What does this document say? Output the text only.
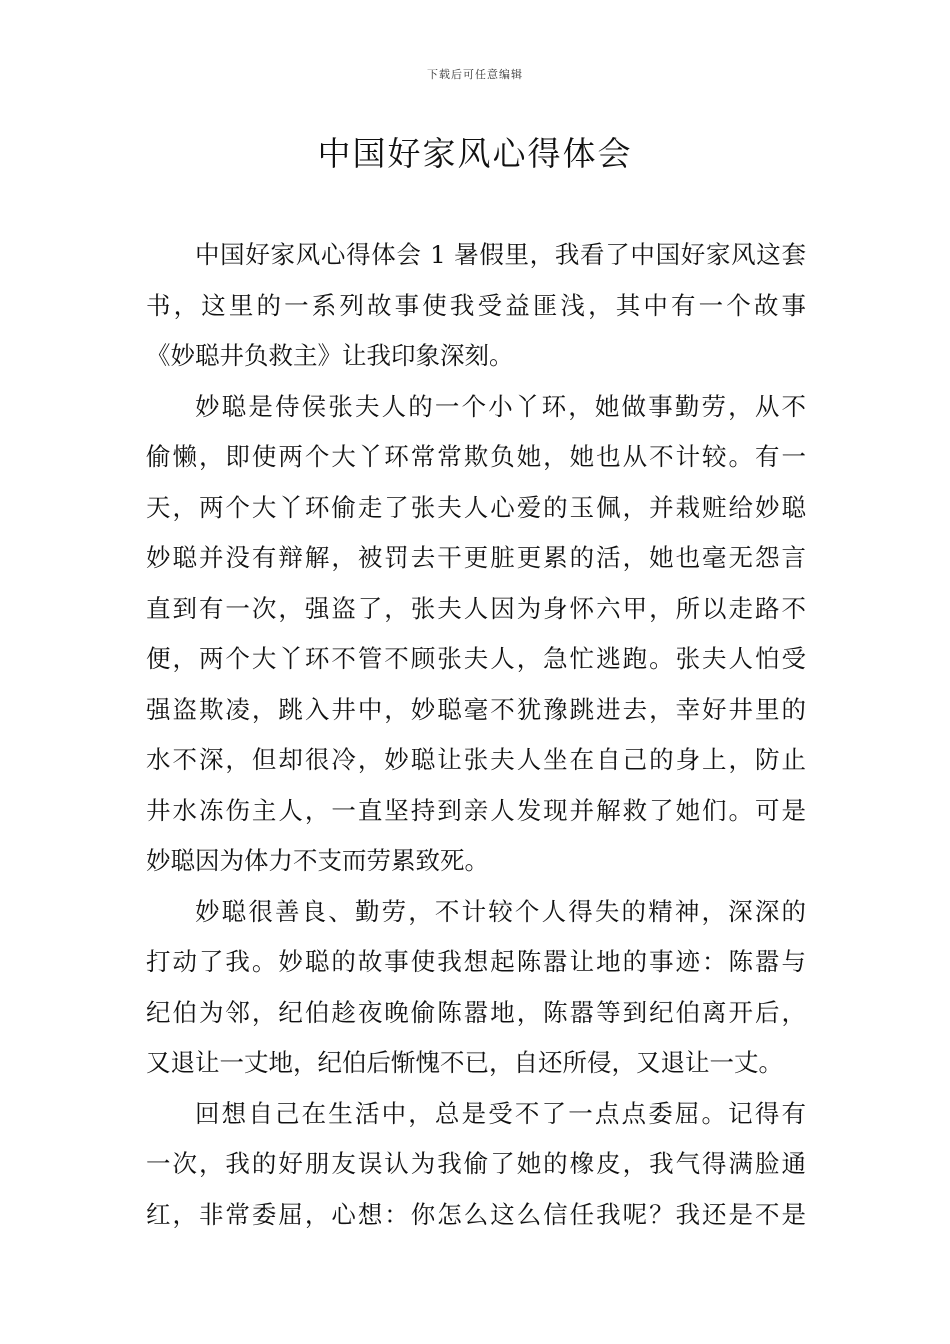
下载后可任意编辑
中国好家风心得体会
中国好家风心得体会 1 暑假里，我看了中国好家风这套
书，这里的一系列故事使我受益匪浅，其中有一个故事
《妙聪井负救主》让我印象深刻。
妙聪是侍侯张夫人的一个小丫环，她做事勤劳，从不
偷懒，即使两个大丫环常常欺负她，她也从不计较。有一
天，两个大丫环偷走了张夫人心爱的玉佩，并栽赃给妙聪
妙聪并没有辩解，被罚去干更脏更累的活，她也毫无怨言
直到有一次，强盗了，张夫人因为身怀六甲，所以走路不
便，两个大丫环不管不顾张夫人，急忙逃跑。张夫人怕受
强盗欺凌，跳入井中，妙聪毫不犹豫跳进去，幸好井里的
水不深，但却很冷，妙聪让张夫人坐在自己的身上，防止
井水冻伤主人，一直坚持到亲人发现并解救了她们。可是
妙聪因为体力不支而劳累致死。
妙聪很善良、勤劳，不计较个人得失的精神，深深的
打动了我。妙聪的故事使我想起陈嚣让地的事迹：陈嚣与
纪伯为邻，纪伯趁夜晚偷陈嚣地，陈嚣等到纪伯离开后，
又退让一丈地，纪伯后惭愧不已，自还所侵，又退让一丈。
回想自己在生活中，总是受不了一点点委屈。记得有
一次，我的好朋友误认为我偷了她的橡皮，我气得满脸通
红，非常委屈，心想：你怎么这么信任我呢？我还是不是
